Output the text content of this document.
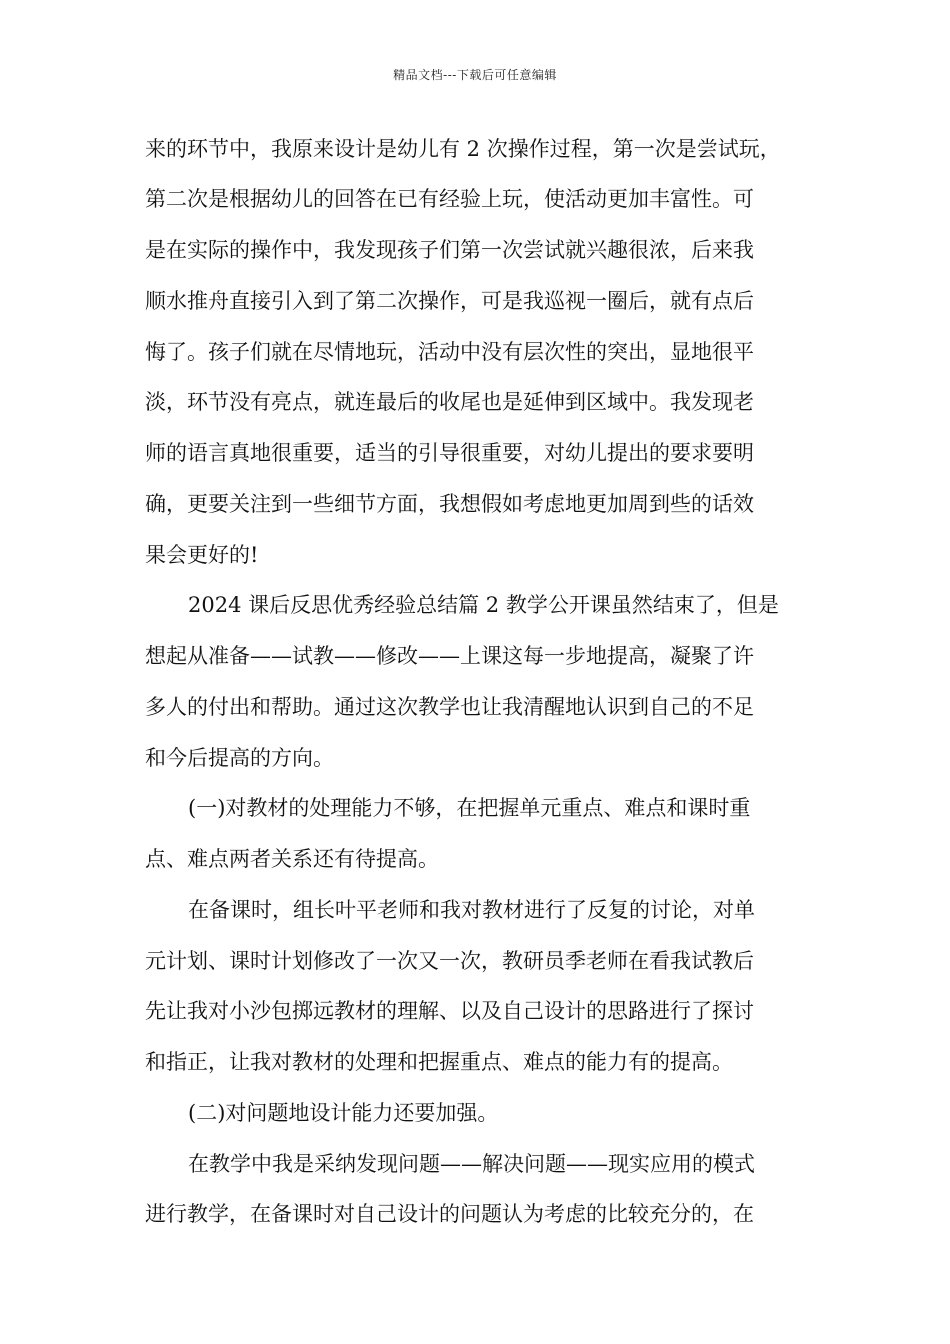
精品文档---下载后可任意编辑
来的环节中，我原来设计是幼儿有 2 次操作过程，第一次是尝试玩，
第二次是根据幼儿的回答在已有经验上玩，使活动更加丰富性。可
是在实际的操作中，我发现孩子们第一次尝试就兴趣很浓，后来我
顺水推舟直接引入到了第二次操作，可是我巡视一圈后，就有点后
悔了。孩子们就在尽情地玩，活动中没有层次性的突出，显地很平
淡，环节没有亮点，就连最后的收尾也是延伸到区域中。我发现老
师的语言真地很重要，适当的引导很重要，对幼儿提出的要求要明
确，更要关注到一些细节方面，我想假如考虑地更加周到些的话效
果会更好的!
2024 课后反思优秀经验总结篇 2 教学公开课虽然结束了，但是
想起从准备——试教——修改——上课这每一步地提高，凝聚了许
多人的付出和帮助。通过这次教学也让我清醒地认识到自己的不足
和今后提高的方向。
(一)对教材的处理能力不够，在把握单元重点、难点和课时重
点、难点两者关系还有待提高。
在备课时，组长叶平老师和我对教材进行了反复的讨论，对单
元计划、课时计划修改了一次又一次，教研员季老师在看我试教后
先让我对小沙包掷远教材的理解、以及自己设计的思路进行了探讨
和指正，让我对教材的处理和把握重点、难点的能力有的提高。
(二)对问题地设计能力还要加强。
在教学中我是采纳发现问题——解决问题——现实应用的模式
进行教学，在备课时对自己设计的问题认为考虑的比较充分的，在
